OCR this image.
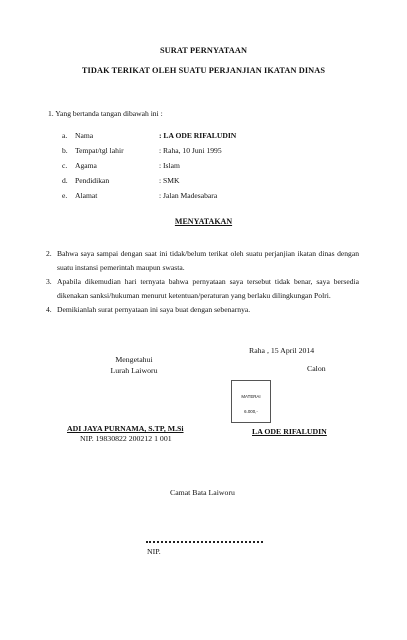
SURAT PERNYATAAN
TIDAK TERIKAT OLEH SUATU PERJANJIAN IKATAN DINAS
1. Yang bertanda tangan dibawah ini :
a.	Nama	: LA ODE RIFALUDIN
b. Tempat/tgl lahir	: Raha, 10 Juni 1995
c.	Agama	: Islam
d. Pendidikan	: SMK
e.	Alamat	: Jalan Madesabara
MENYATAKAN
2. Bahwa saya sampai dengan saat ini tidak/belum terikat oleh suatu perjanjian ikatan dinas dengan suatu instansi pemerintah maupun swasta.
3. Apabila dikemudian hari ternyata bahwa pernyataan saya tersebut tidak benar, saya bersedia dikenakan sanksi/hukuman menurut ketentuan/peraturan yang berlaku dilingkungan Polri.
4. Demikianlah surat pernyataan ini saya buat dengan sebenarnya.
Raha , 15 April 2014
Mengetahui
Lurah Laiworu
ADI JAYA PURNAMA, S.TP, M.Si
NIP. 19830822 200212 1 001
Calon
MATERAI
6.000,-
LA ODE RIFALUDIN
Camat Bata Laiworu
NIP.
